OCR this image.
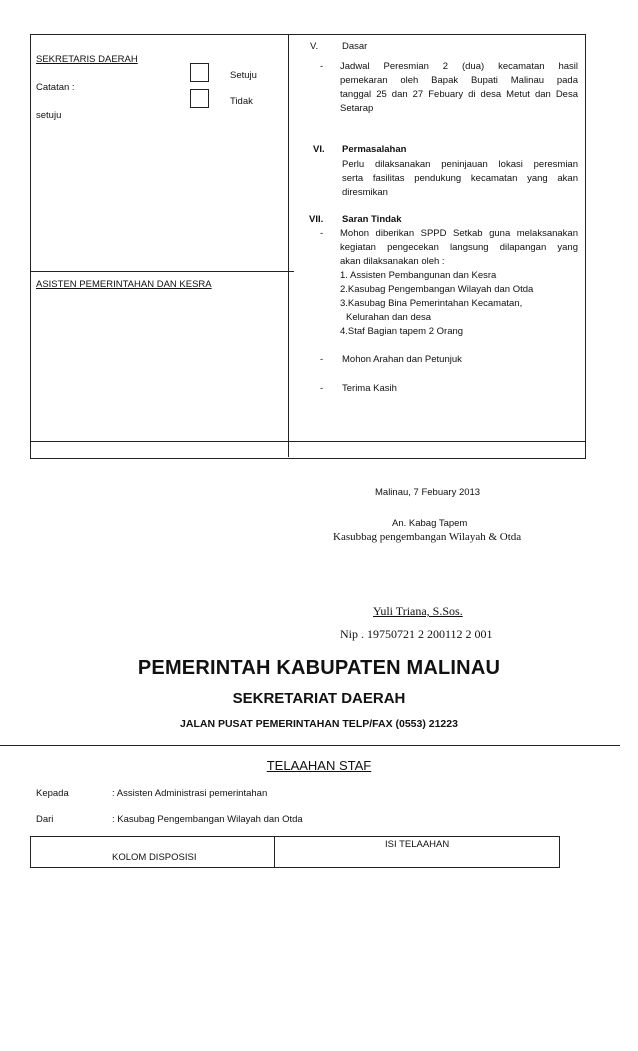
SEKRETARIS DAERAH
Catatan :
setuju
Setuju
Tidak
ASISTEN PEMERINTAHAN DAN KESRA
V.	Dasar
- Jadwal Peresmian 2 (dua) kecamatan hasil
pemekaran oleh Bapak Bupati Malinau pada
tanggal 25 dan 27 Febuary di desa Metut dan Desa
Setarap
VI. Permasalahan
Perlu dilaksanakan peninjauan lokasi peresmian
serta fasilitas pendukung kecamatan yang akan
diresmikan
VII. Saran Tindak
- Mohon diberikan SPPD Setkab guna melaksanakan
kegiatan pengecekan langsung dilapangan yang
akan dilaksanakan oleh :
1. Assisten Pembangunan dan Kesra
2.Kasubag Pengembangan Wilayah dan Otda
3.Kasubag Bina Pemerintahan Kecamatan,
Kelurahan dan desa
4.Staf Bagian tapem 2 Orang
- Mohon Arahan dan Petunjuk
- Terima Kasih
Malinau, 7 Febuary 2013
An. Kabag Tapem
Kasubbag pengembangan Wilayah & Otda
Yuli Triana, S.Sos.
Nip . 19750721 2 200112 2 001
PEMERINTAH KABUPATEN MALINAU
SEKRETARIAT DAERAH
JALAN PUSAT PEMERINTAHAN TELP/FAX (0553) 21223
TELAAHAN STAF
Kepada	: Assisten Administrasi pemerintahan
Dari	: Kasubag Pengembangan Wilayah dan Otda
KOLOM DISPOSISI
ISI TELAAHAN
